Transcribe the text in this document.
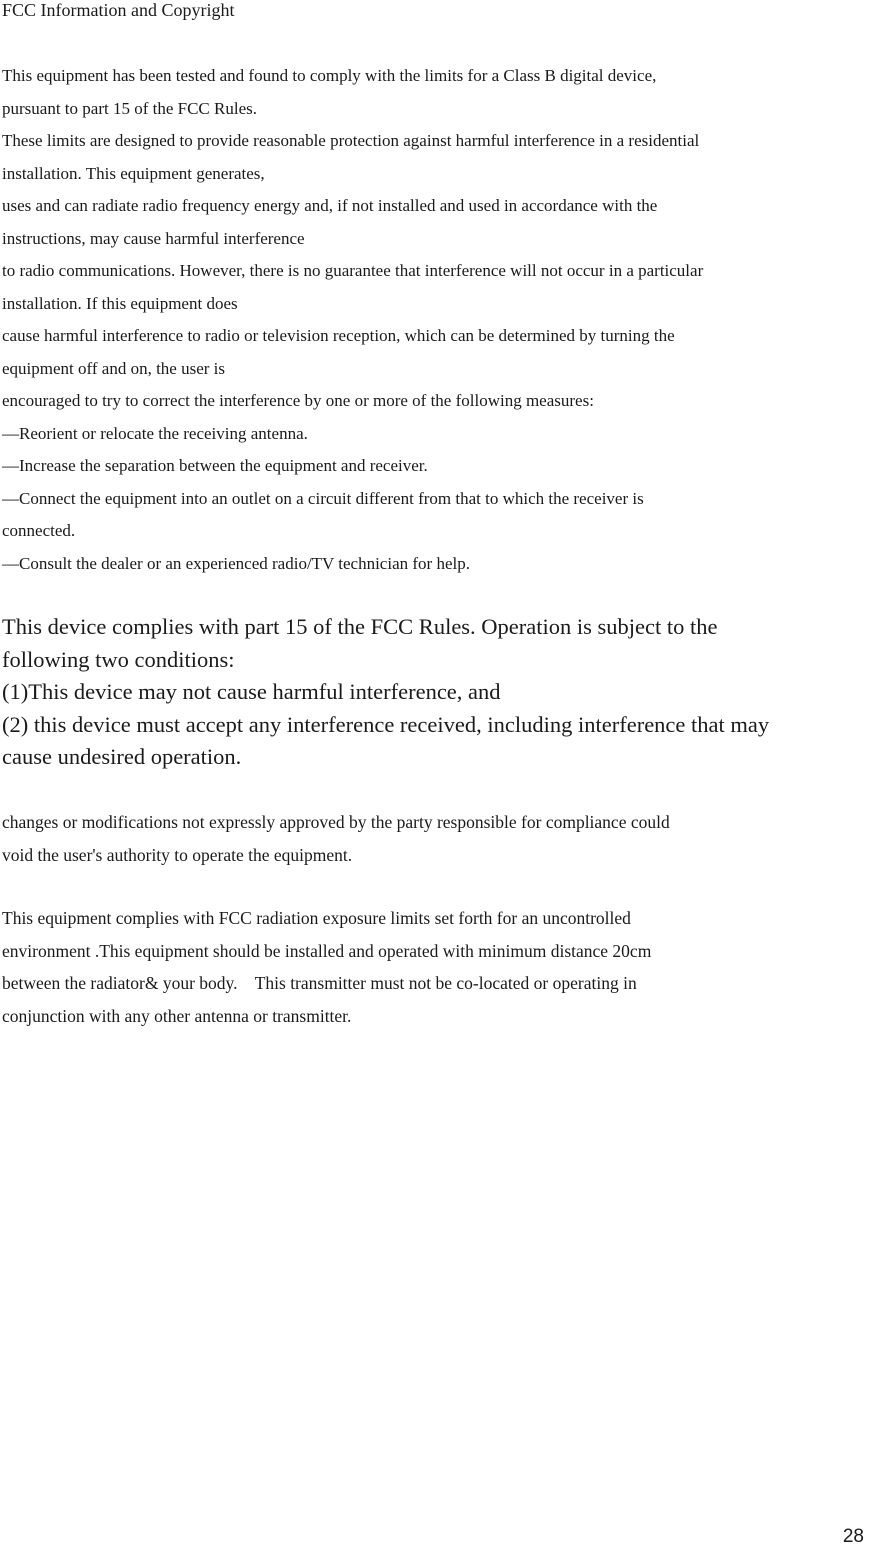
FCC Information and Copyright
This equipment has been tested and found to comply with the limits for a Class B digital device,
pursuant to part 15 of the FCC Rules.
These limits are designed to provide reasonable protection against harmful interference in a residential
installation. This equipment generates,
uses and can radiate radio frequency energy and, if not installed and used in accordance with the
instructions, may cause harmful interference
to radio communications. However, there is no guarantee that interference will not occur in a particular
installation. If this equipment does
cause harmful interference to radio or television reception, which can be determined by turning the
equipment off and on, the user is
encouraged to try to correct the interference by one or more of the following measures:
—Reorient or relocate the receiving antenna.
—Increase the separation between the equipment and receiver.
—Connect the equipment into an outlet on a circuit different from that to which the receiver is
connected.
—Consult the dealer or an experienced radio/TV technician for help.
This device complies with part 15 of the FCC Rules. Operation is subject to the
following two conditions:
(1)This device may not cause harmful interference, and
(2) this device must accept any interference received, including interference that may
cause undesired operation.
changes or modifications not expressly approved by the party responsible for compliance could
void the user's authority to operate the equipment.
This equipment complies with FCC radiation exposure limits set forth for an uncontrolled
environment .This equipment should be installed and operated with minimum distance 20cm
between the radiator& your body.    This transmitter must not be co-located or operating in
conjunction with any other antenna or transmitter.
28
